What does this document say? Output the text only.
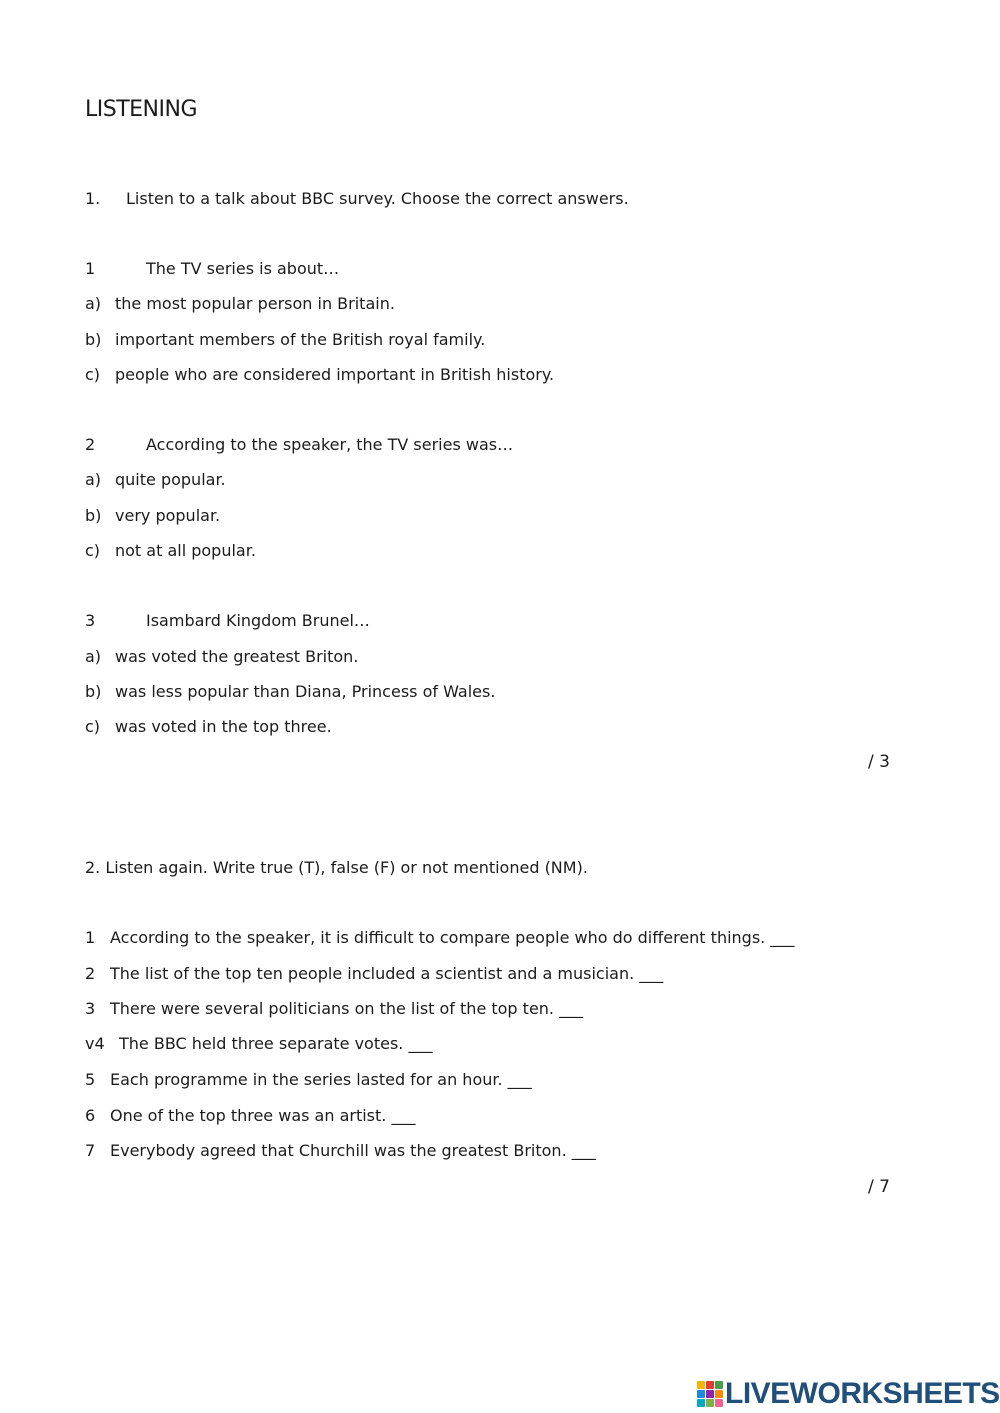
LISTENING
1. Listen to a talk about BBC survey. Choose the correct answers.
1	The TV series is about…
a) the most popular person in Britain.
b) important members of the British royal family.
c) people who are considered important in British history.
2	According to the speaker, the TV series was…
a) quite popular.
b) very popular.
c) not at all popular.
3	Isambard Kingdom Brunel…
a) was voted the greatest Briton.
b) was less popular than Diana, Princess of Wales.
c) was voted in the top three.
/ 3
2. Listen again. Write true (T), false (F) or not mentioned (NM).
1 According to the speaker, it is difficult to compare people who do different things. ___
2 The list of the top ten people included a scientist and a musician. ___
3 There were several politicians on the list of the top ten. ___
v4 The BBC held three separate votes. ___
5 Each programme in the series lasted for an hour. ___
6 One of the top three was an artist. ___
7 Everybody agreed that Churchill was the greatest Briton. ___
/ 7
LIVEWORKSHEETS
